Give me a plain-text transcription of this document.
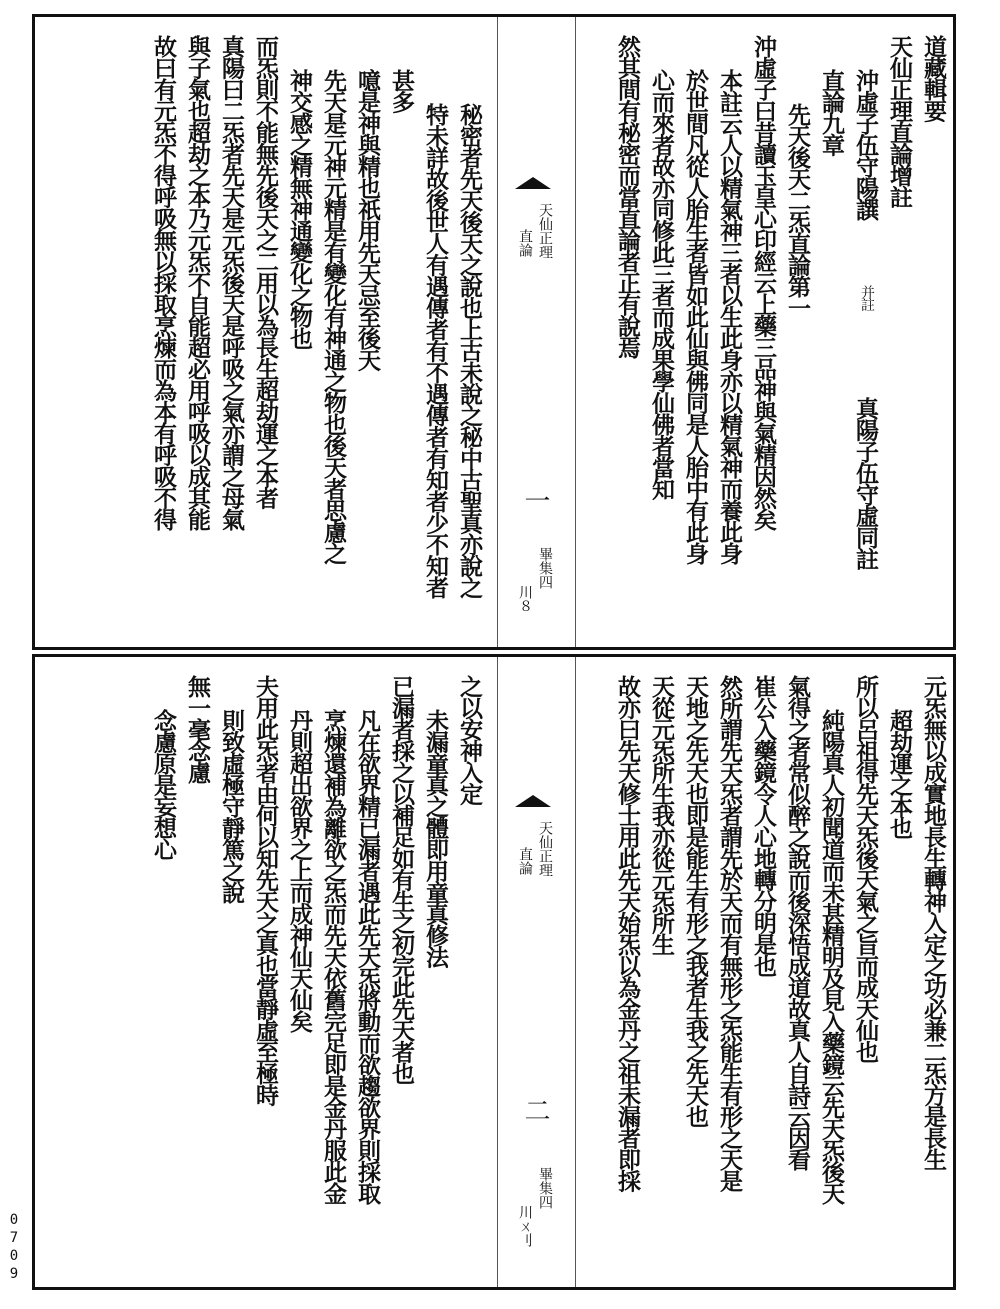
道藏輯要
天仙正理直論增註
沖虛子伍守陽譔
并註
真陽子伍守虛同註
直論九章
先天後天二炁直論第一
沖虛子曰昔讀玉皇心印經云上藥三品神與氣精因然矣
本註云人以精氣神三者以生此身亦以精氣神而養此身
於世間凡從人胎生者皆如此仙與佛同是人胎中有此身
心而來者故亦同修此三者而成果學仙佛者當知
然其間有秘密而當直論者正有說焉
天仙正理
直論
一
畢集四
川８
秘密者先天後天之說也上古未說之秘中古聖真亦說之
特未詳故後世人有遇傳者有不遇傳者有知者少不知者
甚多
噫是神與精也祇用先天忌至後天
先天是元神元精是有變化有神通之物也後天者思慮之
神交感之精無神通變化之物也
而炁則不能無先後天之二用以為長生超劫運之本者
真陽曰二炁者先天是元炁後天是呼吸之氣亦謂之母氣
與子氣也超劫之本乃元炁不自能超必用呼吸以成其能
故曰有元炁不得呼吸無以採取烹煉而為本有呼吸不得
元炁無以成實地長生轉神入定之功必兼二炁方是長生
超劫運之本也
所以呂祖得先天炁後天氣之旨而成天仙也
純陽真人初聞道而未甚精明及見入藥鏡云先天炁後天
氣得之者常似醉之說而後深悟成道故真人自詩云因看
崔公入藥鏡令人心地轉分明是也
然所謂先天炁者謂先於天而有無形之炁能生有形之天是
天地之先天也即是能生有形之我者生我之先天也
天從元炁所生我亦從元炁所生
故亦曰先天修士用此先天始炁以為金丹之祖未漏者即採
天仙正理
直論
二
畢集四
川ㄨ刂
之以安神入定
未漏童真之體即用童真修法
已漏者採之以補足如有生之初完此先天者也
凡在欲界精已漏者遇此先天炁將動而欲趨欲界則採取
烹煉還補為離欲之炁而先天依舊完足即是金丹服此金
丹則超出欲界之上而成神仙天仙矣
夫用此炁者由何以知先天之真也當靜虛至極時
則致虛極守靜篤之說
無一毫念慮
念慮原是妄想心
0709
